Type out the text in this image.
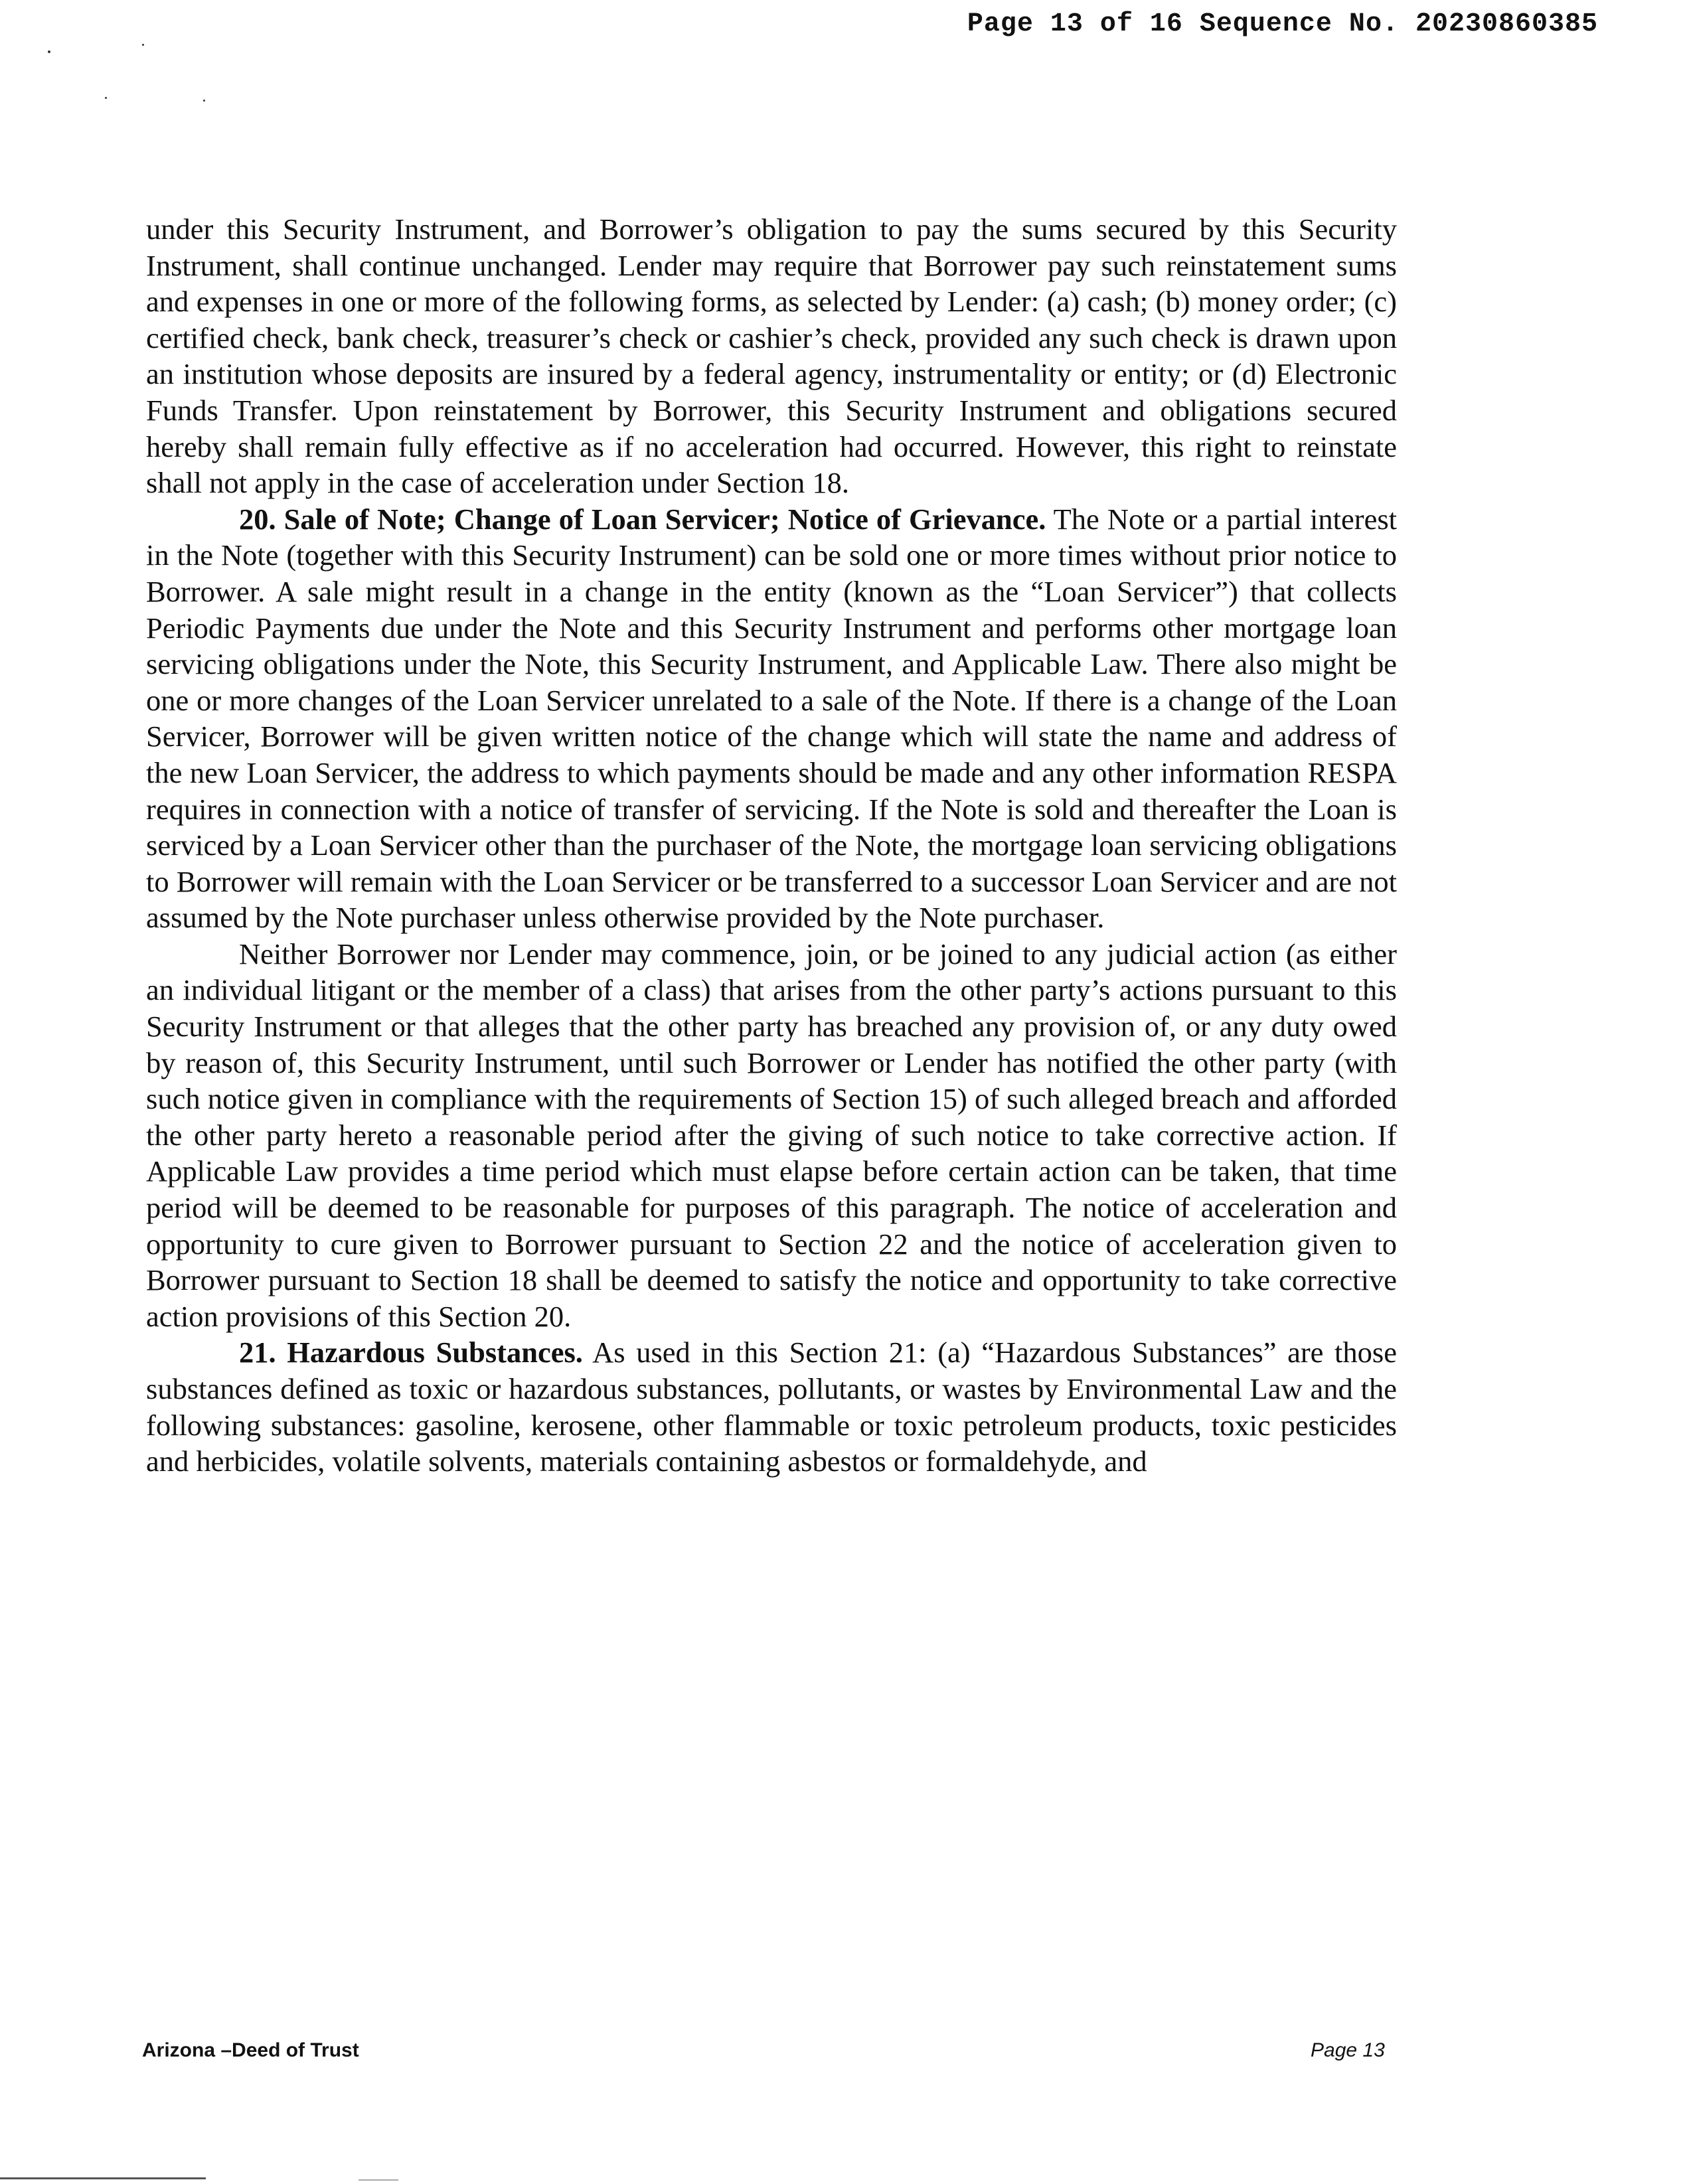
Page 13 of 16 Sequence No. 20230860385

under this Security Instrument, and Borrower’s obligation to pay the sums secured by this Security Instrument, shall continue unchanged. Lender may require that Borrower pay such reinstatement sums and expenses in one or more of the following forms, as selected by Lender: (a) cash; (b) money order; (c) certified check, bank check, treasurer’s check or cashier’s check, provided any such check is drawn upon an institution whose deposits are insured by a federal agency, instrumentality or entity; or (d) Electronic Funds Transfer. Upon reinstatement by Borrower, this Security Instrument and obligations secured hereby shall remain fully effective as if no acceleration had occurred. However, this right to reinstate shall not apply in the case of acceleration under Section 18.

20. Sale of Note; Change of Loan Servicer; Notice of Grievance. The Note or a partial interest in the Note (together with this Security Instrument) can be sold one or more times without prior notice to Borrower. A sale might result in a change in the entity (known as the “Loan Servicer”) that collects Periodic Payments due under the Note and this Security Instrument and performs other mortgage loan servicing obligations under the Note, this Security Instrument, and Applicable Law. There also might be one or more changes of the Loan Servicer unrelated to a sale of the Note. If there is a change of the Loan Servicer, Borrower will be given written notice of the change which will state the name and address of the new Loan Servicer, the address to which payments should be made and any other information RESPA requires in connection with a notice of transfer of servicing. If the Note is sold and thereafter the Loan is serviced by a Loan Servicer other than the purchaser of the Note, the mortgage loan servicing obligations to Borrower will remain with the Loan Servicer or be transferred to a successor Loan Servicer and are not assumed by the Note purchaser unless otherwise provided by the Note purchaser.

Neither Borrower nor Lender may commence, join, or be joined to any judicial action (as either an individual litigant or the member of a class) that arises from the other party’s actions pursuant to this Security Instrument or that alleges that the other party has breached any provision of, or any duty owed by reason of, this Security Instrument, until such Borrower or Lender has notified the other party (with such notice given in compliance with the requirements of Section 15) of such alleged breach and afforded the other party hereto a reasonable period after the giving of such notice to take corrective action. If Applicable Law provides a time period which must elapse before certain action can be taken, that time period will be deemed to be reasonable for purposes of this paragraph. The notice of acceleration and opportunity to cure given to Borrower pursuant to Section 22 and the notice of acceleration given to Borrower pursuant to Section 18 shall be deemed to satisfy the notice and opportunity to take corrective action provisions of this Section 20.

21. Hazardous Substances. As used in this Section 21: (a) “Hazardous Substances” are those substances defined as toxic or hazardous substances, pollutants, or wastes by Environmental Law and the following substances: gasoline, kerosene, other flammable or toxic petroleum products, toxic pesticides and herbicides, volatile solvents, materials containing asbestos or formaldehyde, and

Arizona –Deed of Trust	Page 13
